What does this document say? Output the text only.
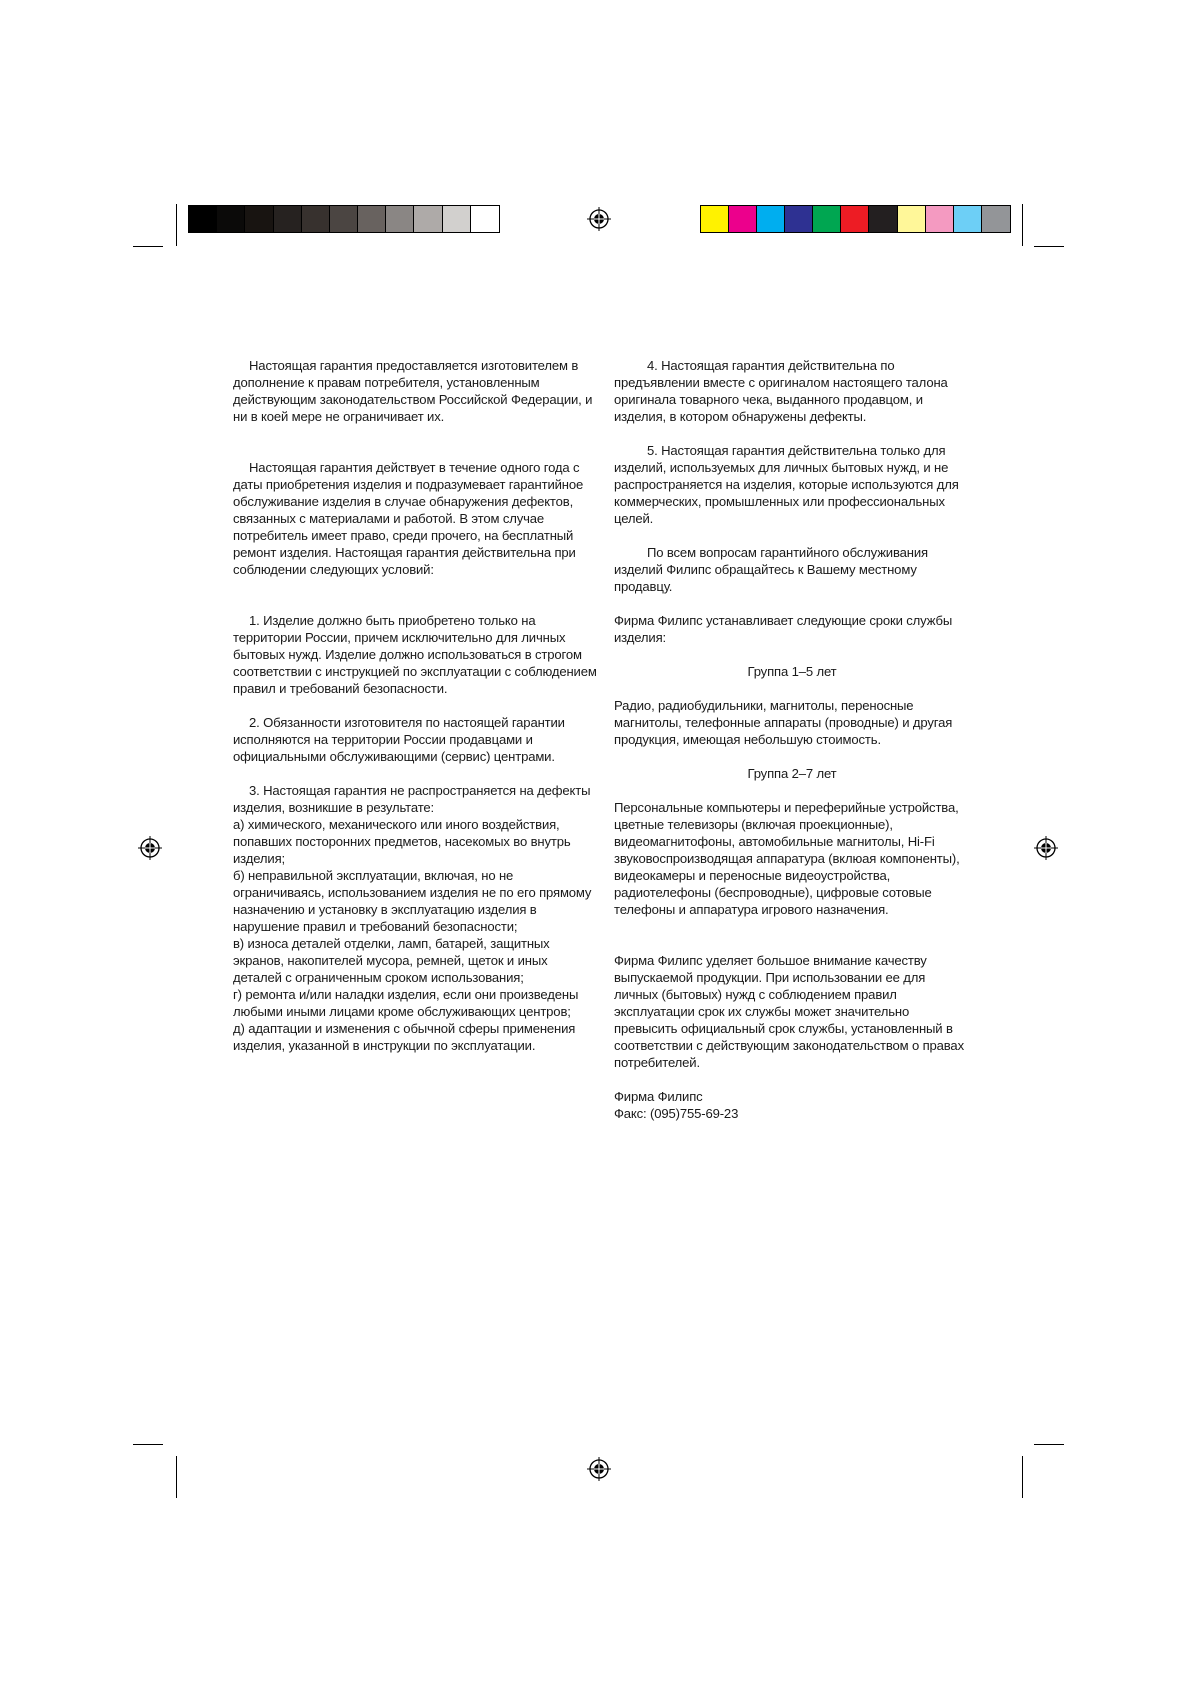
Настоящая гарантия предоставляется изготовителем в дополнение к правам потребителя, установленным действующим законодательством Российской Федерации, и ни в коей мере не ограничивает их.

Настоящая гарантия действует в течение одного года с даты приобретения изделия и подразумевает гарантийное обслуживание изделия в случае обнаружения дефектов, связанных с материалами и работой. В этом случае потребитель имеет право, среди прочего, на бесплатный ремонт изделия. Настоящая гарантия действительна при соблюдении следующих условий:

1. Изделие должно быть приобретено только на территории России, причем исключительно для личных бытовых нужд. Изделие должно использоваться в строгом соответствии с инструкцией по эксплуатации с соблюдением правил и требований безопасности.

2. Обязанности изготовителя по настоящей гарантии исполняются на территории России продавцами и официальными обслуживающими (сервис) центрами.

3. Настоящая гарантия не распространяется на дефекты изделия, возникшие в результате:

а) химического, механического или иного воздействия, попавших посторонних предметов, насекомых во внутрь изделия;

б) неправильной эксплуатации, включая, но не ограничиваясь, использованием изделия не по его прямому назначению и установку в эксплуатацию изделия в нарушение правил и требований безопасности;

в) износа деталей отделки, ламп, батарей, защитных экранов, накопителей мусора, ремней, щеток и иных деталей с ограниченным сроком использования;

г) ремонта и/или наладки изделия, если они произведены любыми иными лицами кроме обслуживающих центров;

д) адаптации и изменения с обычной сферы применения изделия, указанной в инструкции по эксплуатации.

4. Настоящая гарантия действительна по предъявлении вместе с оригиналом настоящего талона оригинала товарного чека, выданного продавцом, и изделия, в котором обнаружены дефекты.

5. Настоящая гарантия действительна только для изделий, используемых для личных бытовых нужд, и не распространяется на изделия, которые используются для коммерческих, промышленных или профессиональных целей.

По всем вопросам гарантийного обслуживания изделий Филипс обращайтесь к Вашему местному продавцу.

Фирма Филипс устанавливает следующие сроки службы изделия:

Группа 1–5 лет

Радио, радиобудильники, магнитолы, переносные магнитолы, телефонные аппараты (проводные) и другая продукция, имеющая небольшую стоимость.

Группа 2–7 лет

Персональные компьютеры и переферийные устройства, цветные телевизоры (включая проекционные), видеомагнитофоны, автомобильные магнитолы, Hi-Fi звуковоспроизводящая аппаратура (вклюая компоненты), видеокамеры и переносные видеоустройства, радиотелефоны (беспроводные), цифровые сотовые телефоны и аппаратура игрового назначения.

Фирма Филипс уделяет большое внимание качеству выпускаемой продукции. При использовании ее для личных (бытовых) нужд с соблюдением правил эксплуатации срок их службы может значительно превысить официальный срок службы, установленный в соответствии с действующим законодательством о правах потребителей.

Фирма Филипс

Факс: (095)755-69-23
